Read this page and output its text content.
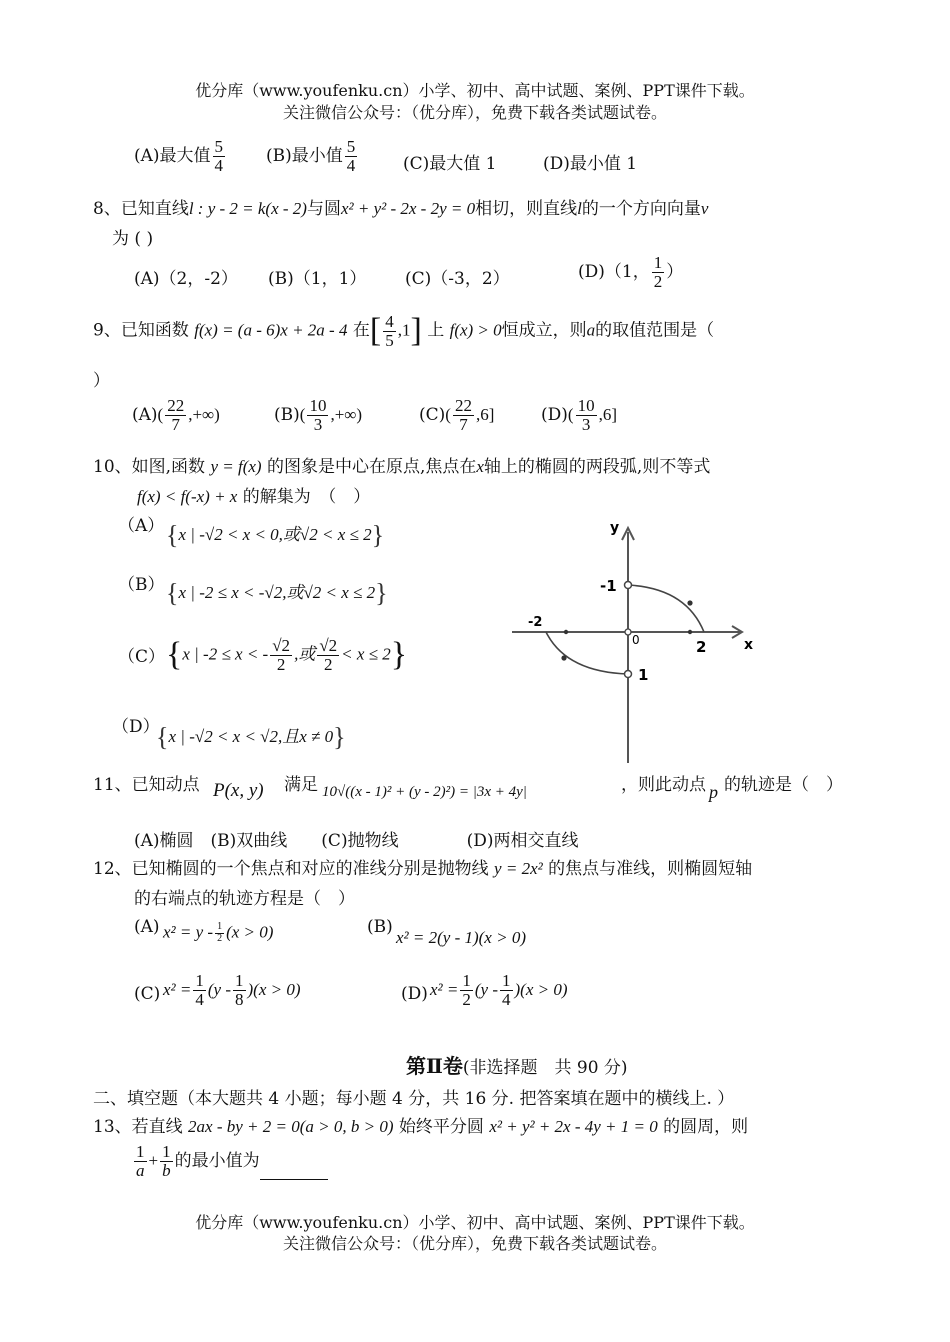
优分库（www.youfenku.cn）小学、初中、高中试题、案例、PPT课件下载。
关注微信公众号：（优分库），免费下载各类试题试卷。
(A)最大值 $\frac{5}{4} (B)$最小值 $\frac{5}{4}$	(C)最大值 1	(D)最小值 1
8、已知直线l : y - 2 = k(x - 2)与圆x² + y² - 2x - 2y = 0相切，则直线l的一个方向向量v
为 ( )
(A)（2，-2） (B)（1，1） (C)（-3，2）	(D)（1， $\frac{1}{2}$ ）
9、已知函数 f(x) = (a - 6)x + 2a - 4 在[ $\frac{4}{5} ,1$] 上 f(x) > 0恒成立，则a的取值范围是（
）
$(A)( \frac{22}{7}$ ,+∞)	$(B)( \frac{10}{3}$ ,+∞)	$(C)( \frac{22}{7} ,6]$	$(D)( \frac{10}{3} ,6]$
10、如图,函数 y = f(x) 的图象是中心在原点,焦点在x轴上的椭圆的两段弧,则不等式
f(x) < f(-x) + x 的解集为　（　）
（A） {x | -√2 < x < 0,或√2 < x ≤ 2}
（B） {x | -2 ≤ x < -√2,或√2 < x ≤ 2}
（C） {x | -2 ≤ x < - $\frac{√2}{2}$ ,或 $\frac{√2}{2} < x \le 2$}
（D）
{x | -√2 < x < √2,且x ≠ 0}
y
x
-1
-2
0	2
1
11、已知动点 P(x, y) 满足 10√((x - 1)² + (y - 2)²) = |3x + 4y|	，则此动点 p 的轨迹是（　）
(A)椭圆　(B)双曲线　　(C)抛物线　　　　(D)两相交直线
12、已知椭圆的一个焦点和对应的准线分别是抛物线 y = 2x² 的焦点与准线，则椭圆短轴
的右端点的轨迹方程是（　）
(A) $x^2 = y - \frac{1}{2} (x > 0)$	(B)
x² = 2(y - 1)(x > 0)
(C) $x^2 = \frac{1}{4} (y - \frac{1}{8} )(x > 0)$	(D) $x^2 = \frac{1}{2} (y - \frac{1}{4} )(x > 0)$
第Ⅱ卷(非选择题　共 90 分)
二、填空题（本大题共 4 小题；每小题 4 分，共 16 分. 把答案填在题中的横线上. ）
13、若直线 2ax - by + 2 = 0(a > 0, b > 0) 始终平分圆 x² + y² + 2x - 4y + 1 = 0 的圆周，则
$\frac{1}{a} + \frac{1}{b}$ 的最小值为
优分库（www.youfenku.cn）小学、初中、高中试题、案例、PPT课件下载。
关注微信公众号：（优分库），免费下载各类试题试卷。
